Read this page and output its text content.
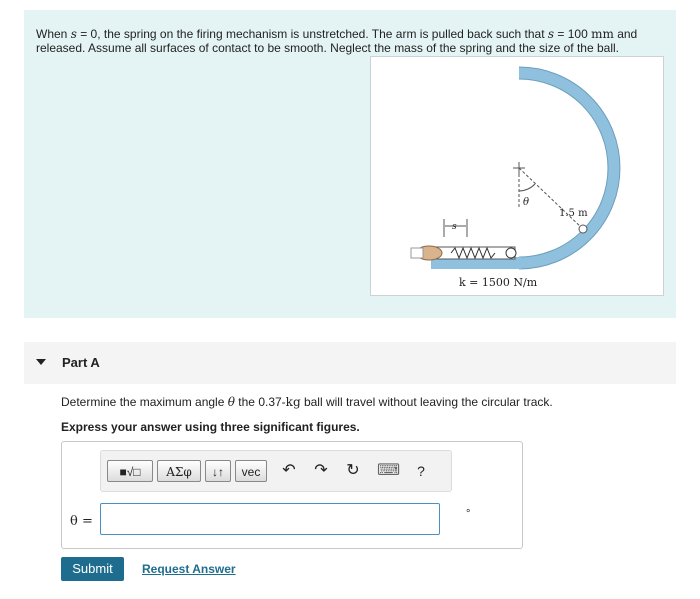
When s = 0, the spring on the firing mechanism is unstretched. The arm is pulled back such that s = 100 mm and released. Assume all surfaces of contact to be smooth. Neglect the mass of the spring and the size of the ball.
θ
1.5 m
s
k = 1500 N/m
Part A
Determine the maximum angle θ the 0.37-kg ball will travel without leaving the circular track.
Express your answer using three significant figures.
■√□	ΑΣφ	↓↑	vec	↶ ↷ ↻ ⌨ ?
θ =	°
Submit	Request Answer
